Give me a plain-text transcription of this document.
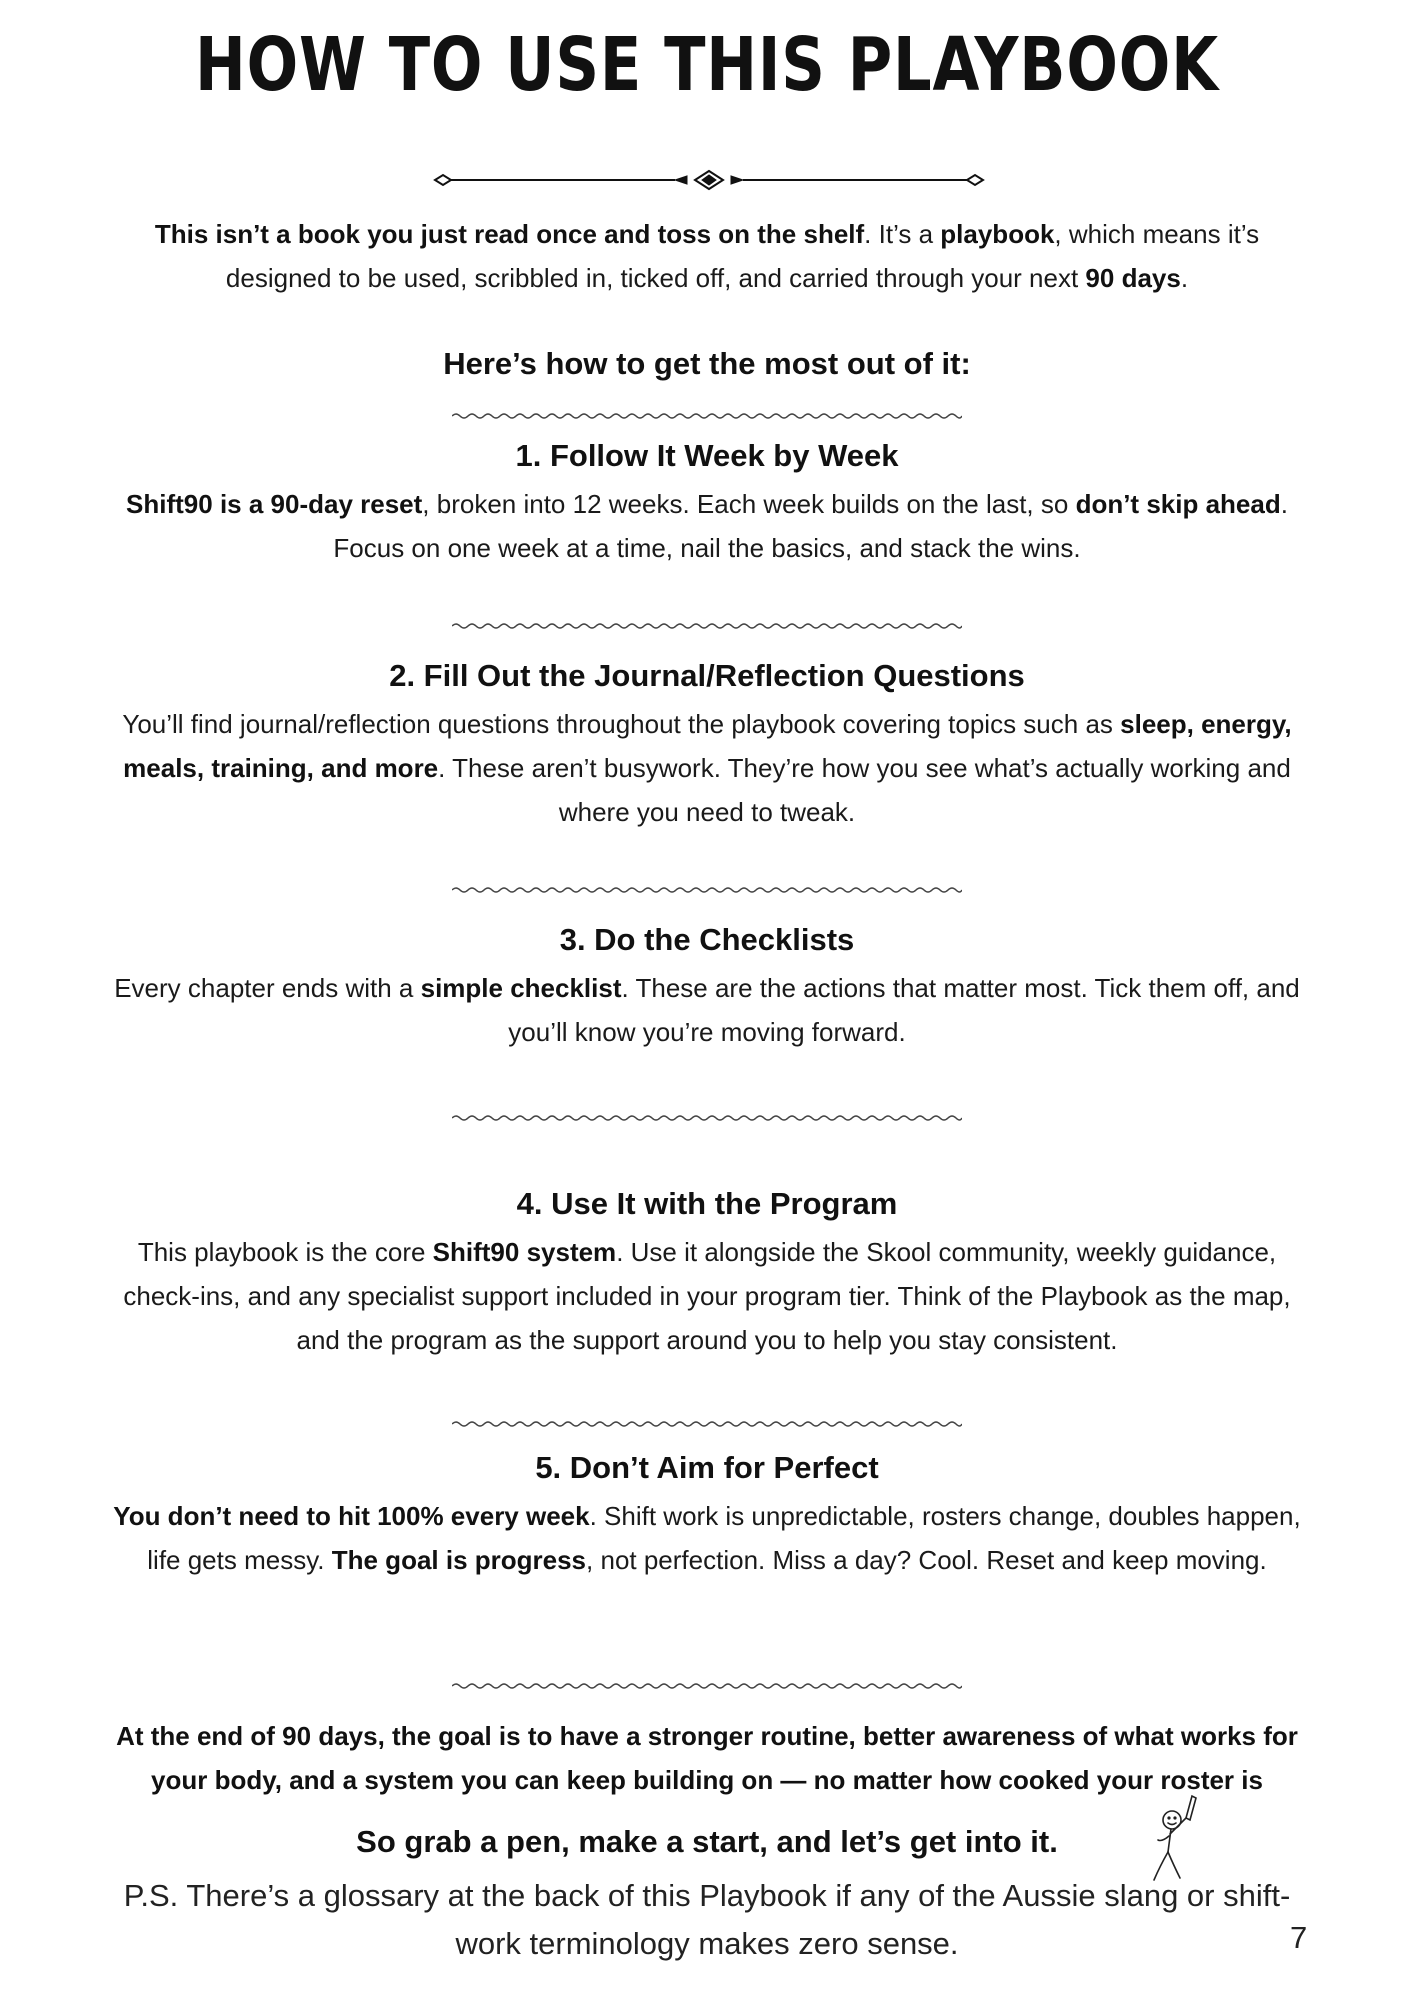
HOW TO USE THIS PLAYBOOK
This isn’t a book you just read once and toss on the shelf. It’s a playbook, which means it’s designed to be used, scribbled in, ticked off, and carried through your next 90 days.
Here’s how to get the most out of it:
1. Follow It Week by Week
Shift90 is a 90-day reset, broken into 12 weeks. Each week builds on the last, so don’t skip ahead. Focus on one week at a time, nail the basics, and stack the wins.
2. Fill Out the Journal/Reflection Questions
You’ll find journal/reflection questions throughout the playbook covering topics such as sleep, energy, meals, training, and more. These aren’t busywork. They’re how you see what’s actually working and where you need to tweak.
3. Do the Checklists
Every chapter ends with a simple checklist. These are the actions that matter most. Tick them off, and you’ll know you’re moving forward.
4. Use It with the Program
This playbook is the core Shift90 system. Use it alongside the Skool community, weekly guidance, check-ins, and any specialist support included in your program tier. Think of the Playbook as the map, and the program as the support around you to help you stay consistent.
5. Don’t Aim for Perfect
You don’t need to hit 100% every week. Shift work is unpredictable, rosters change, doubles happen, life gets messy. The goal is progress, not perfection. Miss a day? Cool. Reset and keep moving.
At the end of 90 days, the goal is to have a stronger routine, better awareness of what works for your body, and a system you can keep building on — no matter how cooked your roster is
So grab a pen, make a start, and let’s get into it.
P.S. There’s a glossary at the back of this Playbook if any of the Aussie slang or shift-work terminology makes zero sense.	7
